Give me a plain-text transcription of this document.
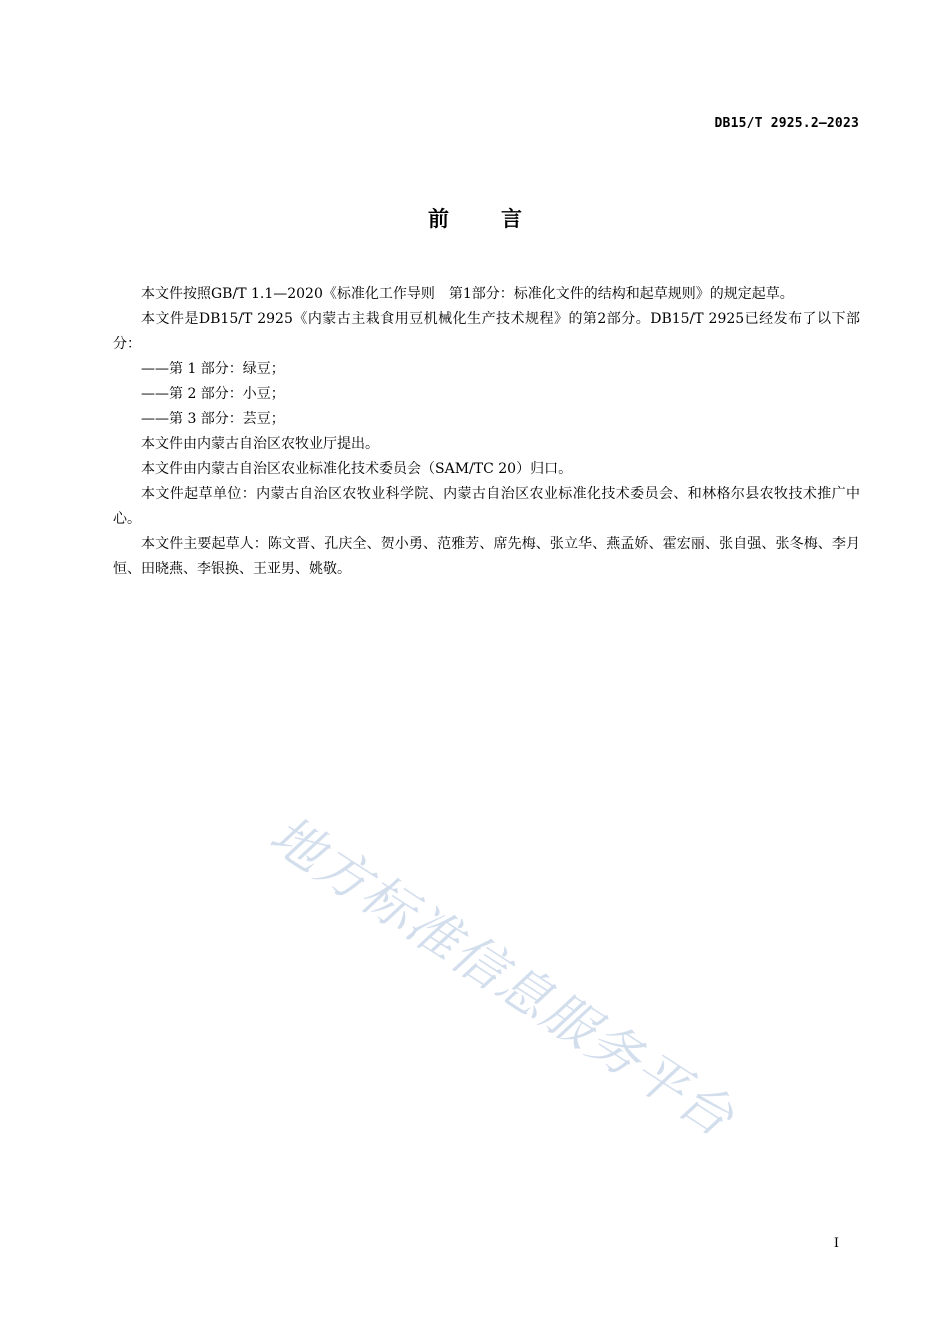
DB15/T 2925.2—2023
前言

本文件按照GB/T 1.1—2020《标准化工作导则　第1部分：标准化文件的结构和起草规则》的规定起草。

本文件是DB15/T 2925《内蒙古主栽食用豆机械化生产技术规程》的第2部分。DB15/T 2925已经发布了以下部分：

——第 1 部分：绿豆；

——第 2 部分：小豆；

——第 3 部分：芸豆；

本文件由内蒙古自治区农牧业厅提出。

本文件由内蒙古自治区农业标准化技术委员会（SAM/TC 20）归口。

本文件起草单位：内蒙古自治区农牧业科学院、内蒙古自治区农业标准化技术委员会、和林格尔县农牧技术推广中心。

本文件主要起草人：陈文晋、孔庆全、贺小勇、范雅芳、席先梅、张立华、燕孟娇、霍宏丽、张自强、张冬梅、李月恒、田晓燕、李银换、王亚男、姚敬。

地方标准信息服务平台
I
